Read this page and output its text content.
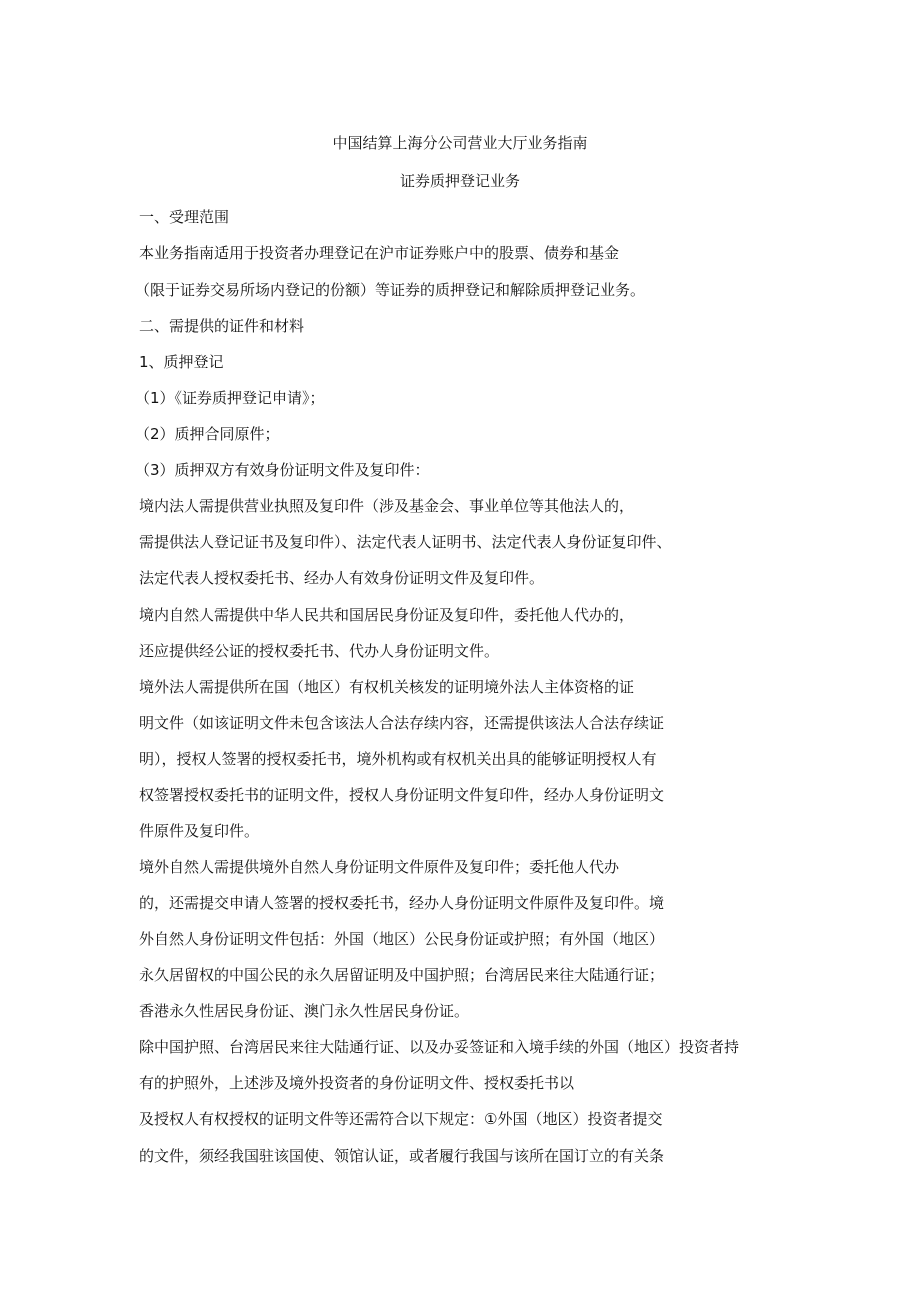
中国结算上海分公司营业大厅业务指南
证券质押登记业务
一、受理范围
本业务指南适用于投资者办理登记在沪市证券账户中的股票、债券和基金
（限于证券交易所场内登记的份额）等证券的质押登记和解除质押登记业务。
二、需提供的证件和材料
1、质押登记
（1）《证券质押登记申请》；
（2）质押合同原件；
（3）质押双方有效身份证明文件及复印件：
境内法人需提供营业执照及复印件（涉及基金会、事业单位等其他法人的，
需提供法人登记证书及复印件）、法定代表人证明书、法定代表人身份证复印件、
法定代表人授权委托书、经办人有效身份证明文件及复印件。
境内自然人需提供中华人民共和国居民身份证及复印件，委托他人代办的，
还应提供经公证的授权委托书、代办人身份证明文件。
境外法人需提供所在国（地区）有权机关核发的证明境外法人主体资格的证
明文件（如该证明文件未包含该法人合法存续内容，还需提供该法人合法存续证
明），授权人签署的授权委托书，境外机构或有权机关出具的能够证明授权人有
权签署授权委托书的证明文件，授权人身份证明文件复印件，经办人身份证明文
件原件及复印件。
境外自然人需提供境外自然人身份证明文件原件及复印件；委托他人代办
的，还需提交申请人签署的授权委托书，经办人身份证明文件原件及复印件。境
外自然人身份证明文件包括：外国（地区）公民身份证或护照；有外国（地区）
永久居留权的中国公民的永久居留证明及中国护照；台湾居民来往大陆通行证；
香港永久性居民身份证、澳门永久性居民身份证。
除中国护照、台湾居民来往大陆通行证、以及办妥签证和入境手续的外国（地区）投资者持
有的护照外，上述涉及境外投资者的身份证明文件、授权委托书以
及授权人有权授权的证明文件等还需符合以下规定：①外国（地区）投资者提交
的文件，须经我国驻该国使、领馆认证，或者履行我国与该所在国订立的有关条
